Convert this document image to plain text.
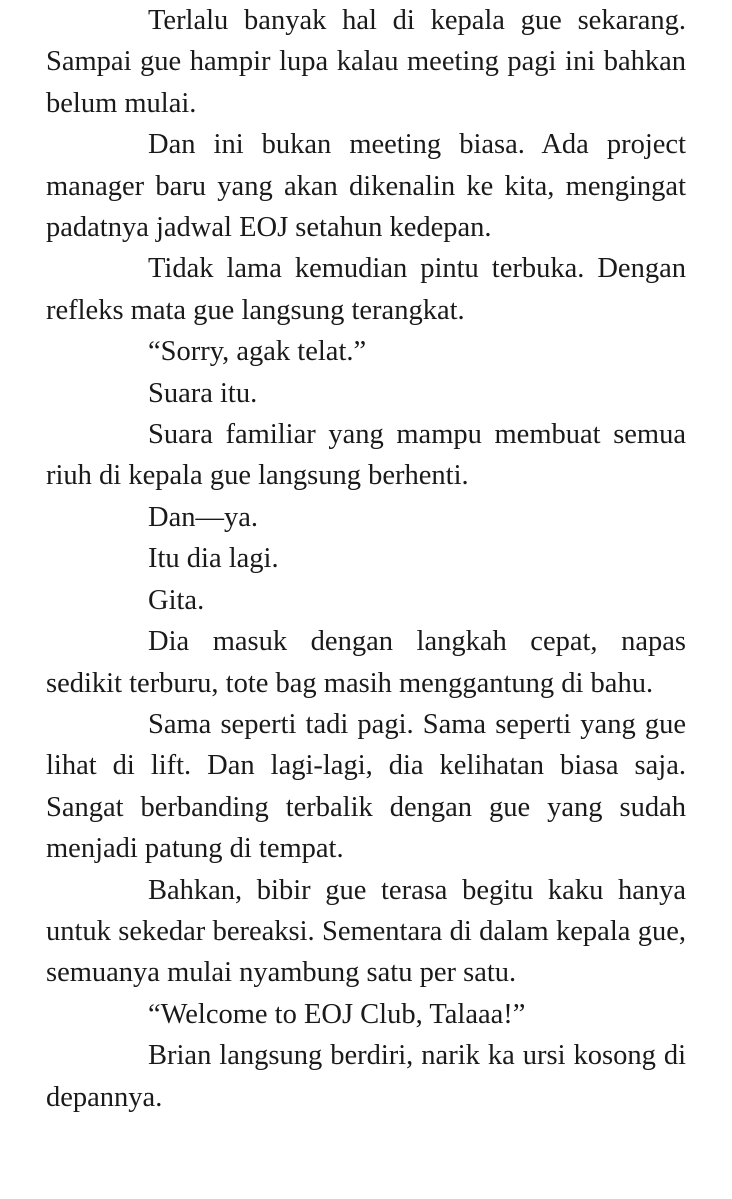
Terlalu banyak hal di kepala gue sekarang. Sampai gue hampir lupa kalau meeting pagi ini bahkan belum mulai.

Dan ini bukan meeting biasa. Ada project manager baru yang akan dikenalin ke kita, mengingat padatnya jadwal EOJ setahun kedepan.

Tidak lama kemudian pintu terbuka. Dengan refleks mata gue langsung terangkat.

“Sorry, agak telat.”

Suara itu.

Suara familiar yang mampu membuat semua riuh di kepala gue langsung berhenti.

Dan—ya.

Itu dia lagi.

Gita.

Dia masuk dengan langkah cepat, napas sedikit terburu, tote bag masih menggantung di bahu.

Sama seperti tadi pagi. Sama seperti yang gue lihat di lift. Dan lagi-lagi, dia kelihatan biasa saja. Sangat berbanding terbalik dengan gue yang sudah menjadi patung di tempat.

Bahkan, bibir gue terasa begitu kaku hanya untuk sekedar bereaksi. Sementara di dalam kepala gue, semuanya mulai nyambung satu per satu.

“Welcome to EOJ Club, Talaaa!”

Brian langsung berdiri, narik ka ursi kosong di depannya.
